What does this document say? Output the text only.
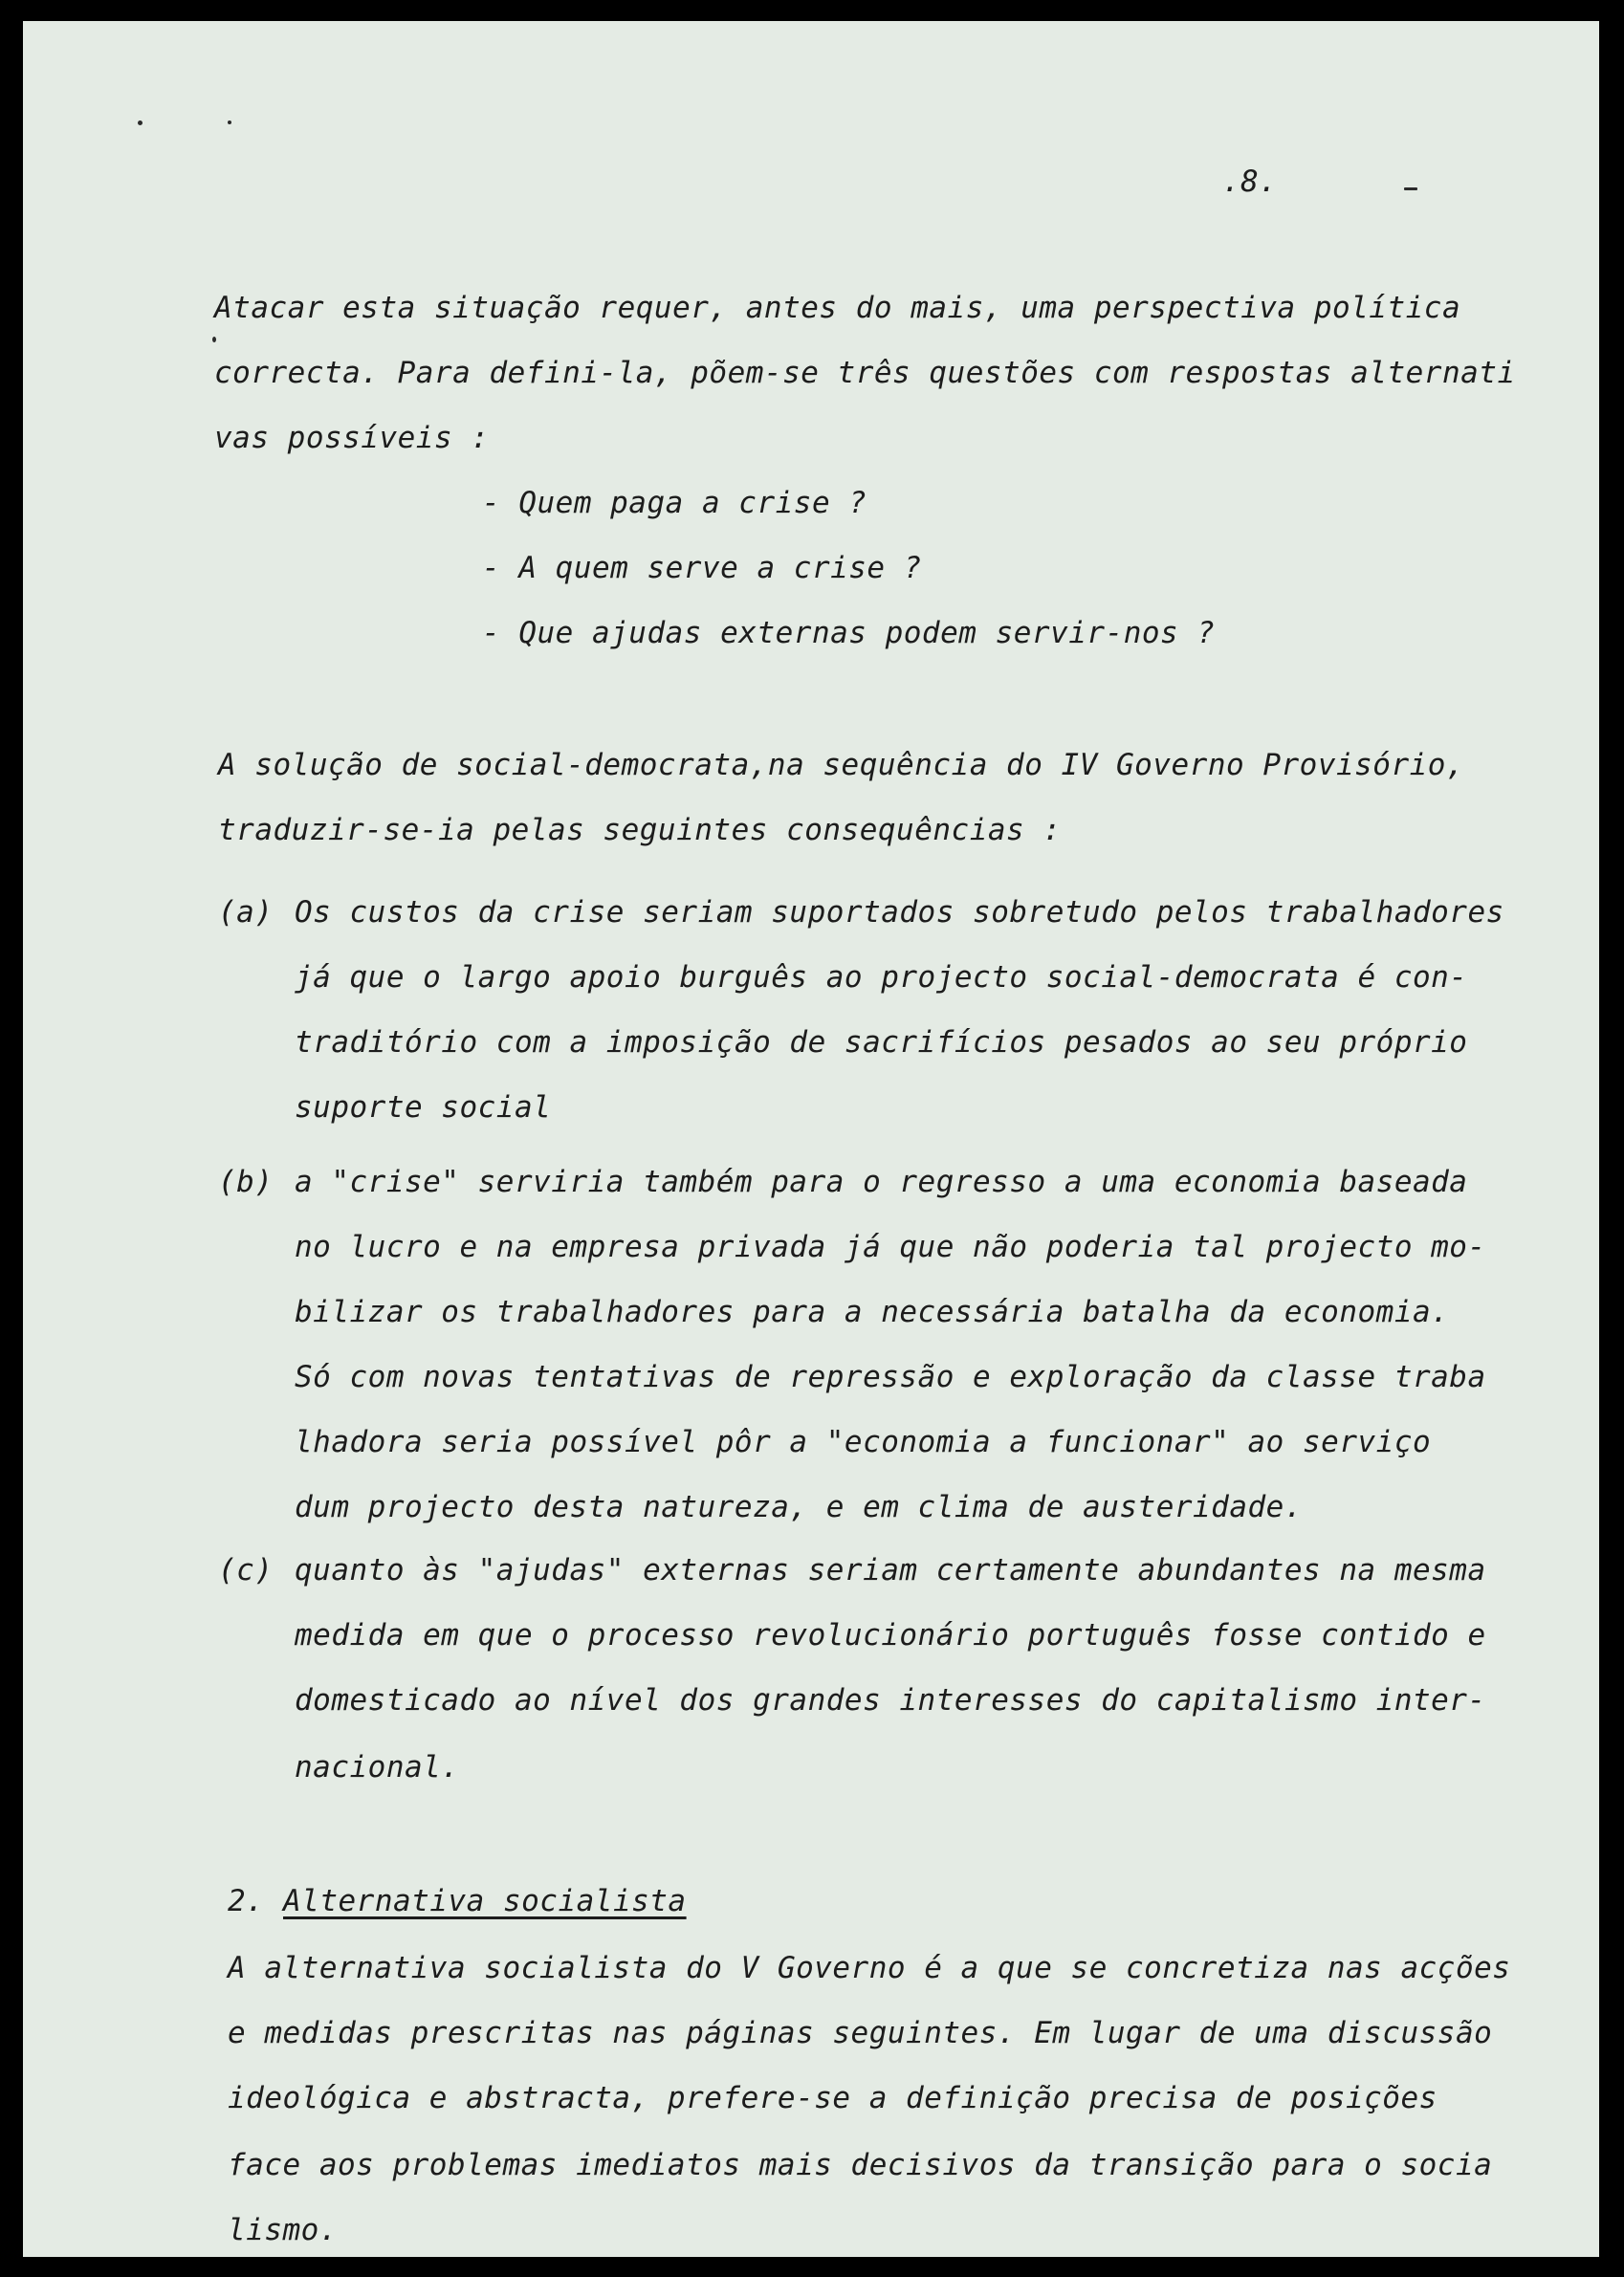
.8.
Atacar esta situação requer, antes do mais, uma perspectiva política
correcta. Para defini-la, põem-se três questões com respostas alternati
vas possíveis :
- Quem paga a crise ?
- A quem serve a crise ?
- Que ajudas externas podem servir-nos ?
A solução de social-democrata,na sequência do IV Governo Provisório,
traduzir-se-ia pelas seguintes consequências :
(a) Os custos da crise seriam suportados sobretudo pelos trabalhadores
já que o largo apoio burguês ao projecto social-democrata é con-
traditório com a imposição de sacrifícios pesados ao seu próprio
suporte social
(b) a "crise" serviria também para o regresso a uma economia baseada
no lucro e na empresa privada já que não poderia tal projecto mo-
bilizar os trabalhadores para a necessária batalha da economia.
Só com novas tentativas de repressão e exploração da classe traba
lhadora seria possível pôr a "economia a funcionar" ao serviço
dum projecto desta natureza, e em clima de austeridade.
(c) quanto às "ajudas" externas seriam certamente abundantes na mesma
medida em que o processo revolucionário português fosse contido e
domesticado ao nível dos grandes interesses do capitalismo inter-
nacional.
2. Alternativa socialista
A alternativa socialista do V Governo é a que se concretiza nas acções
e medidas prescritas nas páginas seguintes. Em lugar de uma discussão
ideológica e abstracta, prefere-se a definição precisa de posições
face aos problemas imediatos mais decisivos da transição para o socia
lismo.
